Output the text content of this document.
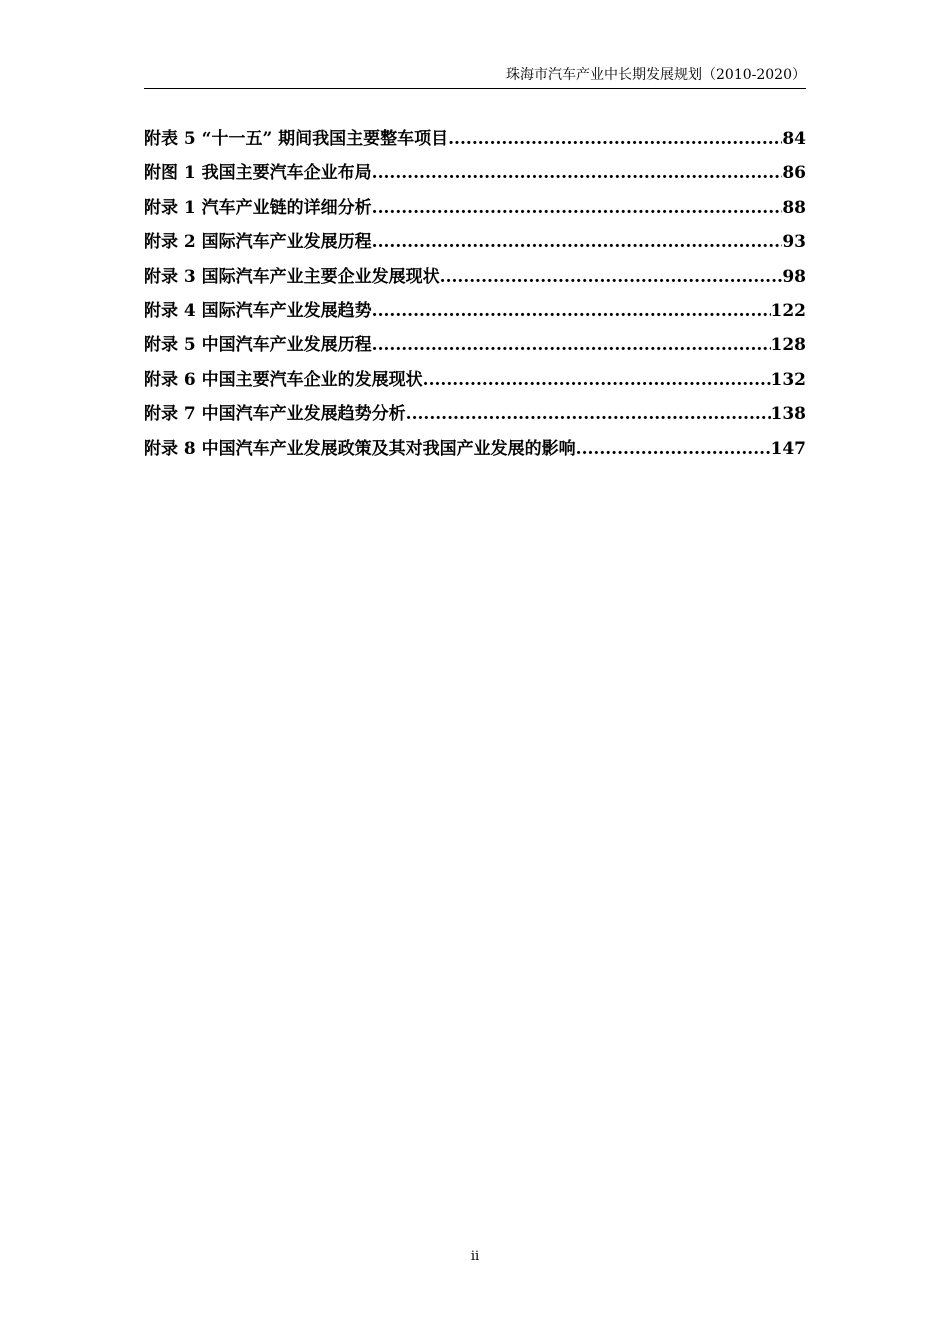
珠海市汽车产业中长期发展规划（2010-2020）
附表 5 “十一五” 期间我国主要整车项目 .....	84
附图 1 我国主要汽车企业布局 .....	86
附录 1 汽车产业链的详细分析 .....	88
附录 2 国际汽车产业发展历程 .....	93
附录 3 国际汽车产业主要企业发展现状 .....	98
附录 4 国际汽车产业发展趋势 .....	122
附录 5 中国汽车产业发展历程 .....	128
附录 6 中国主要汽车企业的发展现状 .....	132
附录 7 中国汽车产业发展趋势分析 .....	138
附录 8 中国汽车产业发展政策及其对我国产业发展的影响 .....	147
ii
